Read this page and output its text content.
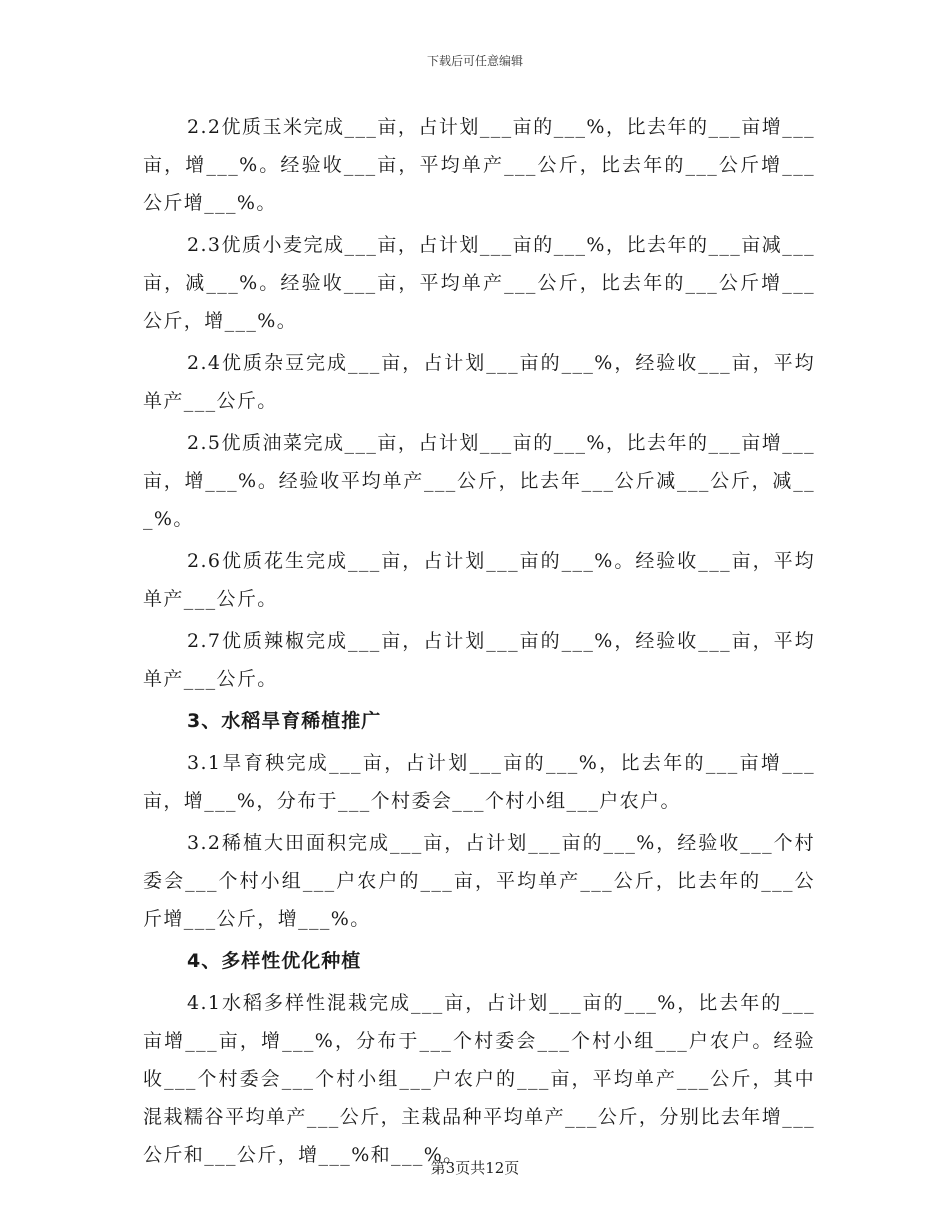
下载后可任意编辑

2.2优质玉米完成___亩，占计划___亩的___%，比去年的___亩增___亩，增___%。经验收___亩，平均单产___公斤，比去年的___公斤增___公斤增___%。

2.3优质小麦完成___亩，占计划___亩的___%，比去年的___亩减___亩，减___%。经验收___亩，平均单产___公斤，比去年的___公斤增___公斤，增___%。

2.4优质杂豆完成___亩，占计划___亩的___%，经验收___亩，平均单产___公斤。

2.5优质油菜完成___亩，占计划___亩的___%，比去年的___亩增___亩，增___%。经验收平均单产___公斤，比去年___公斤减___公斤，减___%。

2.6优质花生完成___亩，占计划___亩的___%。经验收___亩，平均单产___公斤。

2.7优质辣椒完成___亩，占计划___亩的___%，经验收___亩，平均单产___公斤。

3、水稻旱育稀植推广

3.1旱育秧完成___亩，占计划___亩的___%，比去年的___亩增___亩，增___%，分布于___个村委会___个村小组___户农户。

3.2稀植大田面积完成___亩，占计划___亩的___%，经验收___个村委会___个村小组___户农户的___亩，平均单产___公斤，比去年的___公斤增___公斤，增___%。

4、多样性优化种植

4.1水稻多样性混栽完成___亩，占计划___亩的___%，比去年的___亩增___亩，增___%，分布于___个村委会___个村小组___户农户。经验收___个村委会___个村小组___户农户的___亩，平均单产___公斤，其中混栽糯谷平均单产___公斤，主栽品种平均单产___公斤，分别比去年增___公斤和___公斤，增___%和___%。

第3页共12页
